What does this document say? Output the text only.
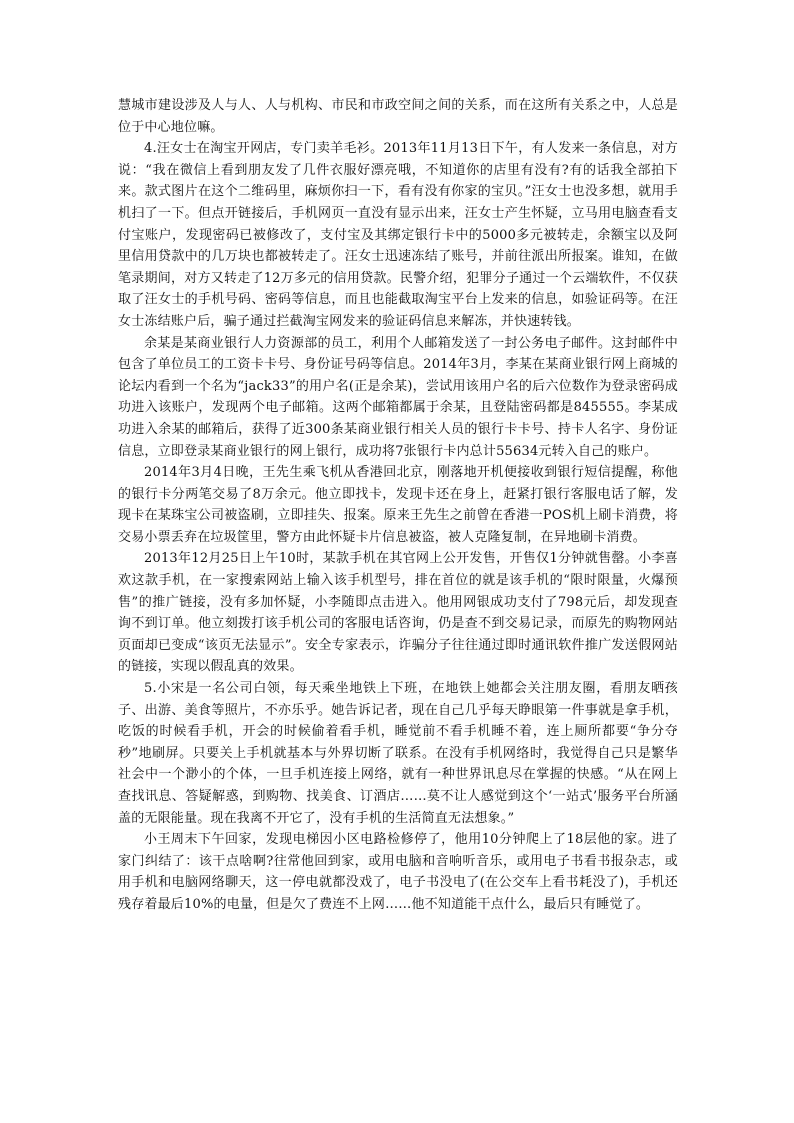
慧城市建设涉及人与人、人与机构、市民和市政空间之间的关系，而在这所有关系之中，人总是位于中心地位嘛。

4.汪女士在淘宝开网店，专门卖羊毛衫。2013年11月13日下午，有人发来一条信息，对方说：“我在微信上看到朋友发了几件衣服好漂亮哦，不知道你的店里有没有?有的话我全部拍下来。款式图片在这个二维码里，麻烦你扫一下，看有没有你家的宝贝。”汪女士也没多想，就用手机扫了一下。但点开链接后，手机网页一直没有显示出来，汪女士产生怀疑，立马用电脑查看支付宝账户，发现密码已被修改了，支付宝及其绑定银行卡中的5000多元被转走，余额宝以及阿里信用贷款中的几万块也都被转走了。汪女士迅速冻结了账号，并前往派出所报案。谁知，在做笔录期间，对方又转走了12万多元的信用贷款。民警介绍，犯罪分子通过一个云端软件，不仅获取了汪女士的手机号码、密码等信息，而且也能截取淘宝平台上发来的信息，如验证码等。在汪女士冻结账户后，骗子通过拦截淘宝网发来的验证码信息来解冻，并快速转钱。

余某是某商业银行人力资源部的员工，利用个人邮箱发送了一封公务电子邮件。这封邮件中包含了单位员工的工资卡卡号、身份证号码等信息。2014年3月，李某在某商业银行网上商城的论坛内看到一个名为“jack33”的用户名(正是余某)，尝试用该用户名的后六位数作为登录密码成功进入该账户，发现两个电子邮箱。这两个邮箱都属于余某，且登陆密码都是845555。李某成功进入余某的邮箱后，获得了近300条某商业银行相关人员的银行卡卡号、持卡人名字、身份证信息，立即登录某商业银行的网上银行，成功将7张银行卡内总计55634元转入自己的账户。

2014年3月4日晚，王先生乘飞机从香港回北京，刚落地开机便接收到银行短信提醒，称他的银行卡分两笔交易了8万余元。他立即找卡，发现卡还在身上，赶紧打银行客服电话了解，发现卡在某珠宝公司被盗刷，立即挂失、报案。原来王先生之前曾在香港一POS机上刷卡消费，将交易小票丢弃在垃圾筐里，警方由此怀疑卡片信息被盗，被人克隆复制，在异地刷卡消费。

2013年12月25日上午10时，某款手机在其官网上公开发售，开售仅1分钟就售罄。小李喜欢这款手机，在一家搜索网站上输入该手机型号，排在首位的就是该手机的“限时限量，火爆预售”的推广链接，没有多加怀疑，小李随即点击进入。他用网银成功支付了798元后，却发现查询不到订单。他立刻拨打该手机公司的客服电话咨询，仍是查不到交易记录，而原先的购物网站页面却已变成“该页无法显示”。安全专家表示，诈骗分子往往通过即时通讯软件推广发送假网站的链接，实现以假乱真的效果。

5.小宋是一名公司白领，每天乘坐地铁上下班，在地铁上她都会关注朋友圈，看朋友晒孩子、出游、美食等照片，不亦乐乎。她告诉记者，现在自己几乎每天睁眼第一件事就是拿手机，吃饭的时候看手机，开会的时候偷着看手机，睡觉前不看手机睡不着，连上厕所都要“争分夺秒”地刷屏。只要关上手机就基本与外界切断了联系。在没有手机网络时，我觉得自己只是繁华社会中一个渺小的个体，一旦手机连接上网络，就有一种世界讯息尽在掌握的快感。“从在网上查找讯息、答疑解惑，到购物、找美食、订酒店……莫不让人感觉到这个‘一站式’服务平台所涵盖的无限能量。现在我离不开它了，没有手机的生活简直无法想象。”

小王周末下午回家，发现电梯因小区电路检修停了，他用10分钟爬上了18层他的家。进了家门纠结了：该干点啥啊?往常他回到家，或用电脑和音响听音乐，或用电子书看书报杂志，或用手机和电脑网络聊天，这一停电就都没戏了，电子书没电了(在公交车上看书耗没了)，手机还残存着最后10%的电量，但是欠了费连不上网……他不知道能干点什么，最后只有睡觉了。
